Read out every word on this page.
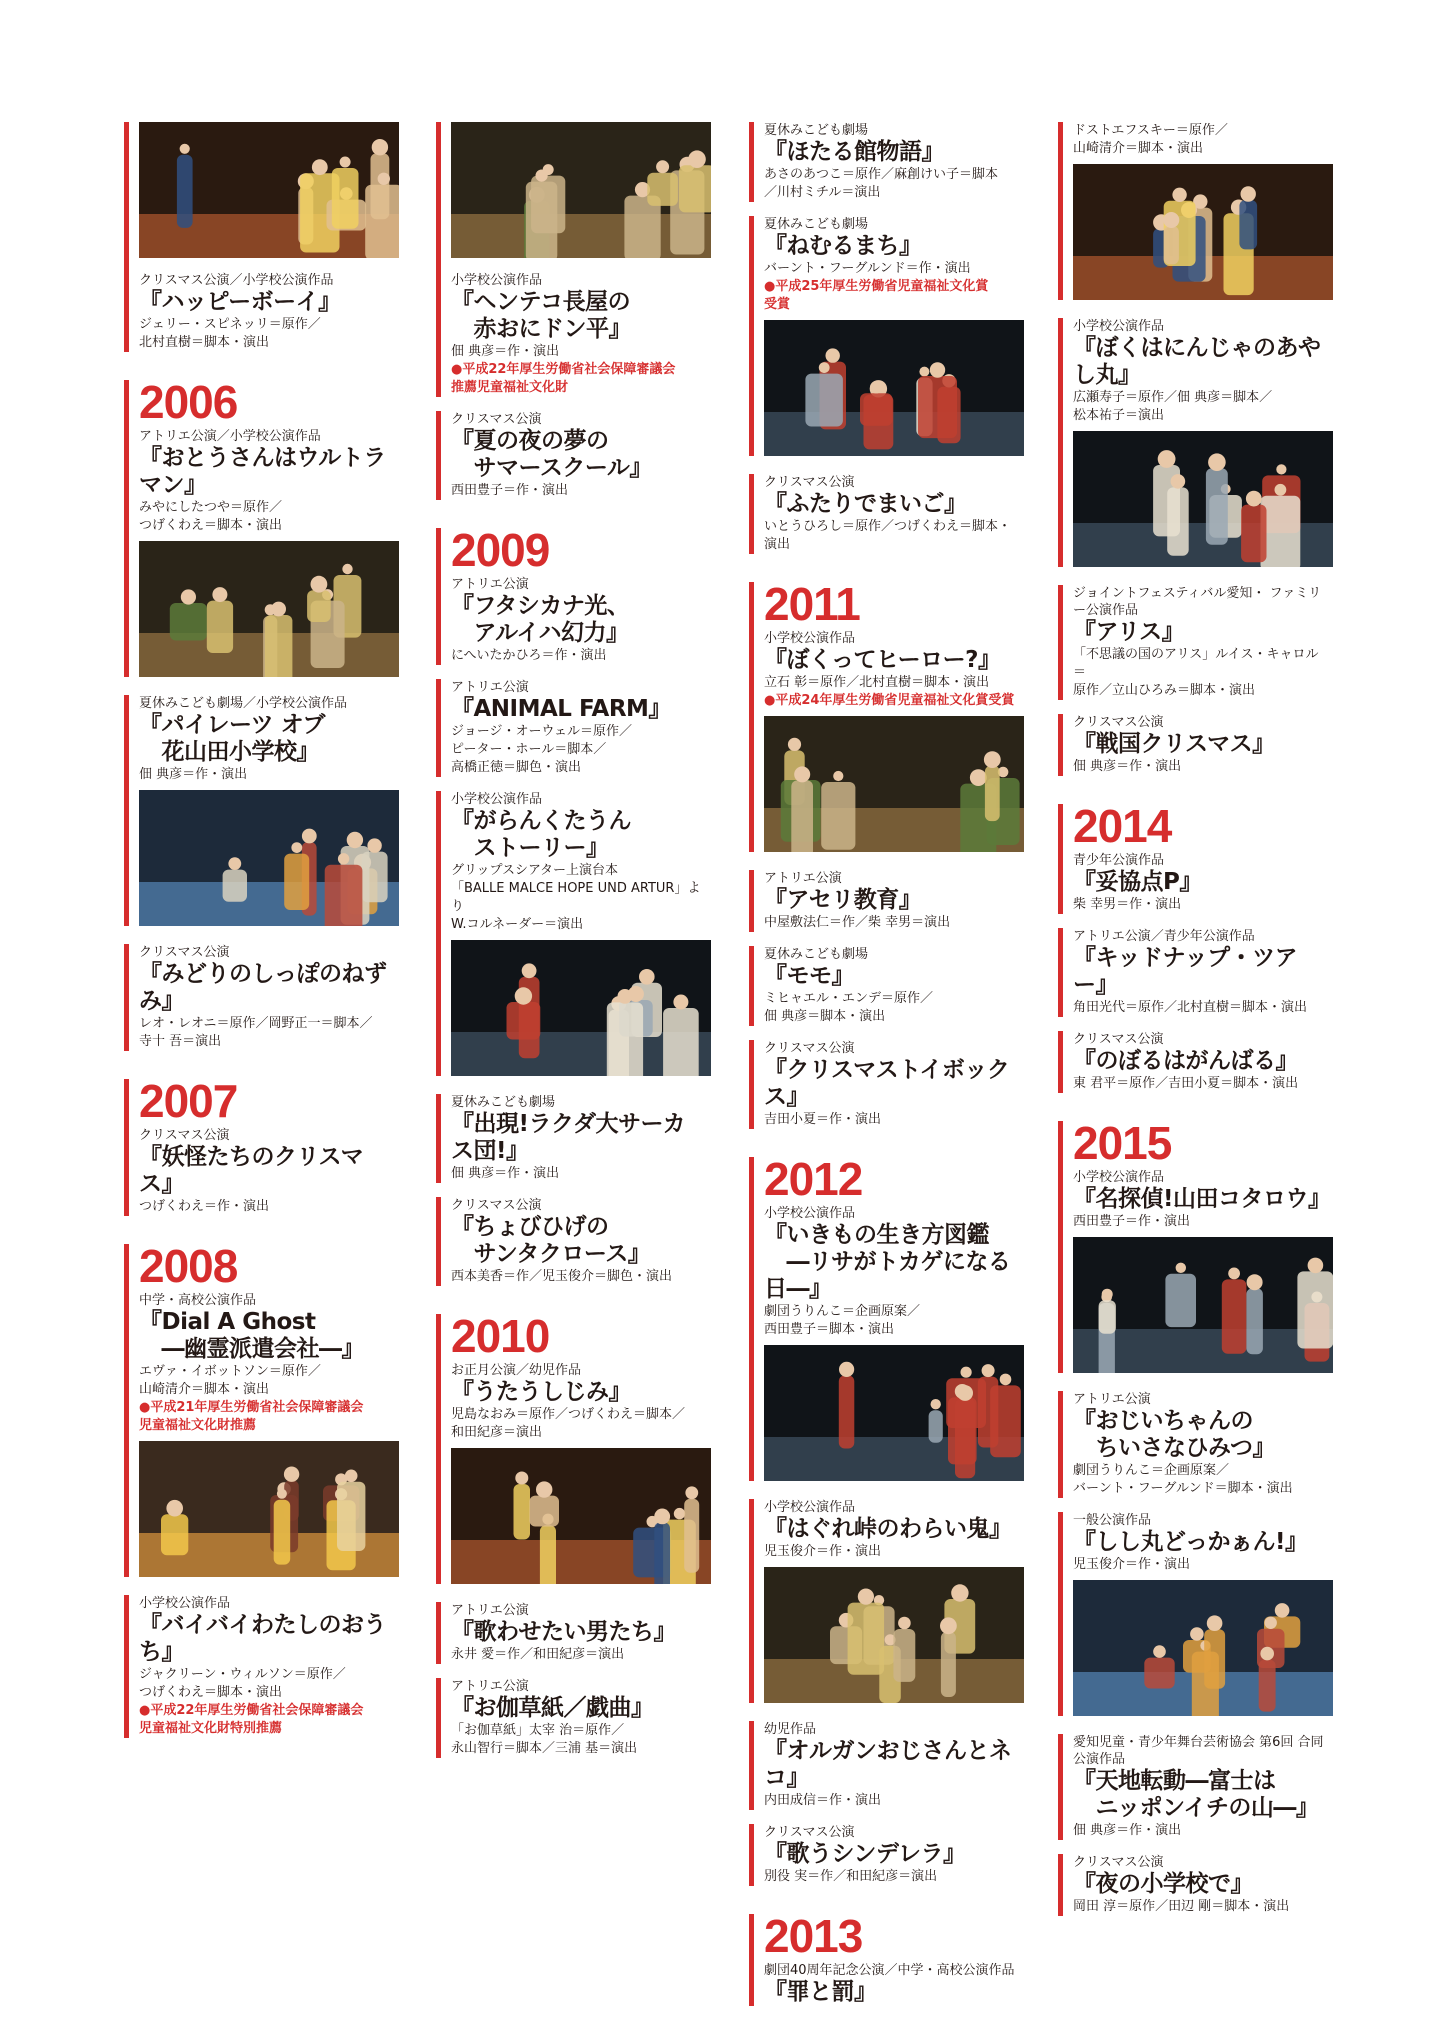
クリスマス公演／小学校公演作品
『ハッピーボーイ』
ジェリー・スピネッリ＝原作／
北村直樹＝脚本・演出
2006
アトリエ公演／小学校公演作品
『おとうさんはウルトラマン』
みやにしたつや＝原作／
つげくわえ＝脚本・演出
夏休みこども劇場／小学校公演作品
『パイレーツ オブ
　花山田小学校』
佃 典彦＝作・演出
クリスマス公演
『みどりのしっぽのねずみ』
レオ・レオニ＝原作／岡野正一＝脚本／
寺十 吾＝演出
2007
クリスマス公演
『妖怪たちのクリスマス』
つげくわえ＝作・演出
2008
中学・高校公演作品
『Dial A Ghost
　―幽霊派遣会社―』
エヴァ・イボットソン＝原作／
山崎清介＝脚本・演出
●平成21年厚生労働省社会保障審議会
児童福祉文化財推薦
小学校公演作品
『バイバイわたしのおうち』
ジャクリーン・ウィルソン＝原作／
つげくわえ＝脚本・演出
●平成22年厚生労働省社会保障審議会
児童福祉文化財特別推薦
小学校公演作品
『ヘンテコ長屋の
　赤おにドン平』
佃 典彦＝作・演出
●平成22年厚生労働省社会保障審議会
推薦児童福祉文化財
クリスマス公演
『夏の夜の夢の
　サマースクール』
西田豊子＝作・演出
2009
アトリエ公演
『フタシカナ光、
　アルイハ幻力』
にへいたかひろ＝作・演出
アトリエ公演
『ANIMAL FARM』
ジョージ・オーウェル＝原作／
ピーター・ホール＝脚本／
高橋正徳＝脚色・演出
小学校公演作品
『がらんくたうん
　ストーリー』
グリップスシアター上演台本
「BALLE MALCE HOPE UND ARTUR」より
W.コルネーダー＝演出
夏休みこども劇場
『出現!ラクダ大サーカス団!』
佃 典彦＝作・演出
クリスマス公演
『ちょびひげの
　サンタクロース』
西本美香＝作／児玉俊介＝脚色・演出
2010
お正月公演／幼児作品
『うたうしじみ』
児島なおみ＝原作／つげくわえ＝脚本／
和田紀彦＝演出
アトリエ公演
『歌わせたい男たち』
永井 愛＝作／和田紀彦＝演出
アトリエ公演
『お伽草紙／戯曲』
「お伽草紙」太宰 治＝原作／
永山智行＝脚本／三浦 基＝演出
夏休みこども劇場
『ほたる館物語』
あさのあつこ＝原作／麻創けい子＝脚本
／川村ミチル＝演出
夏休みこども劇場
『ねむるまち』
バーント・フーグルンド＝作・演出
●平成25年厚生労働省児童福祉文化賞
受賞
クリスマス公演
『ふたりでまいご』
いとうひろし＝原作／つげくわえ＝脚本・演出
2011
小学校公演作品
『ぼくってヒーロー?』
立石 彰＝原作／北村直樹＝脚本・演出
●平成24年厚生労働省児童福祉文化賞受賞
アトリエ公演
『アセリ教育』
中屋敷法仁＝作／柴 幸男＝演出
夏休みこども劇場
『モモ』
ミヒャエル・エンデ＝原作／
佃 典彦＝脚本・演出
クリスマス公演
『クリスマストイボックス』
吉田小夏＝作・演出
2012
小学校公演作品
『いきもの生き方図鑑
　―リサがトカゲになる日―』
劇団うりんこ＝企画原案／
西田豊子＝脚本・演出
小学校公演作品
『はぐれ峠のわらい鬼』
児玉俊介＝作・演出
幼児作品
『オルガンおじさんとネコ』
内田成信＝作・演出
クリスマス公演
『歌うシンデレラ』
別役 実＝作／和田紀彦＝演出
2013
劇団40周年記念公演／中学・高校公演作品
『罪と罰』
ドストエフスキー＝原作／
山崎清介＝脚本・演出
小学校公演作品
『ぼくはにんじゃのあやし丸』
広瀬寿子＝原作／佃 典彦＝脚本／
松本祐子＝演出
ジョイントフェスティバル愛知・ ファミリー公演作品
『アリス』
「不思議の国のアリス」ルイス・キャロル＝
原作／立山ひろみ＝脚本・演出
クリスマス公演
『戦国クリスマス』
佃 典彦＝作・演出
2014
青少年公演作品
『妥協点P』
柴 幸男＝作・演出
アトリエ公演／青少年公演作品
『キッドナップ・ツアー』
角田光代＝原作／北村直樹＝脚本・演出
クリスマス公演
『のぼるはがんばる』
東 君平＝原作／吉田小夏＝脚本・演出
2015
小学校公演作品
『名探偵!山田コタロウ』
西田豊子＝作・演出
アトリエ公演
『おじいちゃんの
　ちいさなひみつ』
劇団うりんこ＝企画原案／
バーント・フーグルンド＝脚本・演出
一般公演作品
『しし丸どっかぁん!』
児玉俊介＝作・演出
愛知児童・青少年舞台芸術協会 第6回 合同公演作品
『天地転動―富士は
　ニッポンイチの山―』
佃 典彦＝作・演出
クリスマス公演
『夜の小学校で』
岡田 淳＝原作／田辺 剛＝脚本・演出
